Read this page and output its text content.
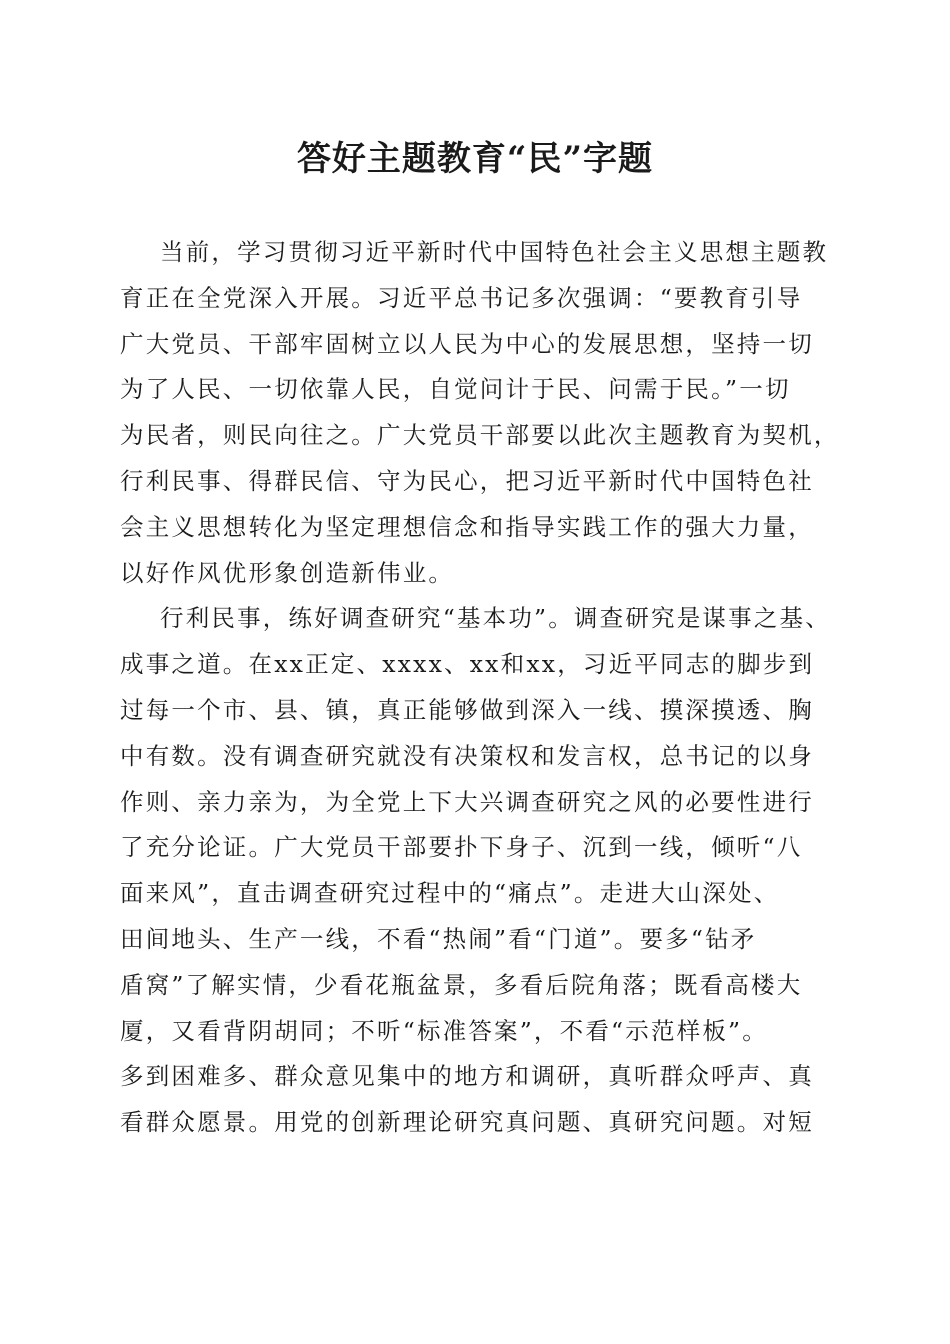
答好主题教育“民”字题
当前，学习贯彻习近平新时代中国特色社会主义思想主题教
育正在全党深入开展。习近平总书记多次强调：“要教育引导
广大党员、干部牢固树立以人民为中心的发展思想，坚持一切
为了人民、一切依靠人民，自觉问计于民、问需于民。”一切
为民者，则民向往之。广大党员干部要以此次主题教育为契机，
行利民事、得群民信、守为民心，把习近平新时代中国特色社
会主义思想转化为坚定理想信念和指导实践工作的强大力量，
以好作风优形象创造新伟业。
行利民事，练好调查研究“基本功”。调查研究是谋事之基、
成事之道。在xx正定、xxxx、xx和xx，习近平同志的脚步到
过每一个市、县、镇，真正能够做到深入一线、摸深摸透、胸
中有数。没有调查研究就没有决策权和发言权，总书记的以身
作则、亲力亲为，为全党上下大兴调查研究之风的必要性进行
了充分论证。广大党员干部要扑下身子、沉到一线，倾听“八
面来风”，直击调查研究过程中的“痛点”。走进大山深处、
田间地头、生产一线，不看“热闹”看“门道”。要多“钻矛
盾窝”了解实情，少看花瓶盆景，多看后院角落；既看高楼大
厦，又看背阴胡同；不听“标准答案”，不看“示范样板”。
多到困难多、群众意见集中的地方和调研，真听群众呼声、真
看群众愿景。用党的创新理论研究真问题、真研究问题。对短
